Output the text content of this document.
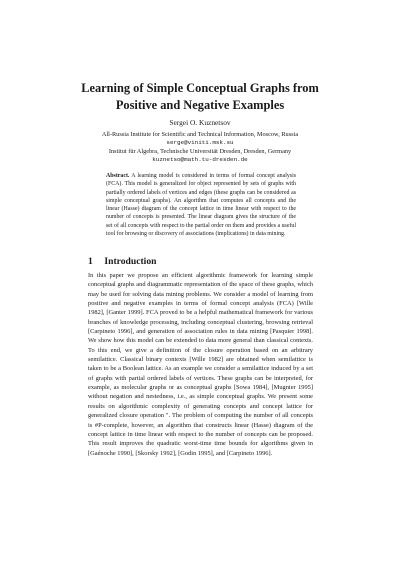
Learning of Simple Conceptual Graphs from
Positive and Negative Examples
Sergei O. Kuznetsov
All-Russia Institute for Scientific and Technical Information, Moscow, Russia
serge@viniti.msk.su
Institut für Algebra, Technische Universität Dresden, Dresden, Germany
kuznetso@math.tu-dresden.de
Abstract. A learning model is considered in terms of formal concept analysis (FCA). This model is generalized for object represented by sets of graphs with partially ordered labels of vertices and edges (these graphs can be considered as simple conceptual graphs). An algorithm that computes all concepts and the linear (Hasse) diagram of the concept lattice in time linear with respect to the number of concepts is presented. The linear diagram gives the structure of the set of all concepts with respect to the partial order on them and provides a useful tool for browsing or discovery of associations (implications) in data mining.
1 Introduction

In this paper we propose an efficient algorithmic framework for learning simple conceptual graphs and diagrammatic representation of the space of these graphs, which may be used for solving data mining problems. We consider a model of learning from positive and negative examples in terms of formal concept analysis (FCA) [Wille 1982], [Ganter 1999]. FCA proved to be a helpful mathematical framework for various branches of knowledge processing, including conceptual clustering, browsing retrieval [Carpineto 1996], and generation of association rules in data mining [Pasquier 1998]. We show how this model can be extended to data more general than classical contexts. To this end, we give a definition of the closure operation based on an arbitrary semilattice. Classical binary contexts [Wille 1982] are obtained when semilattice is taken to be a Boolean lattice. As an example we consider a semilattice induced by a set of graphs with partial ordered labels of vertices. These graphs can be interpreted, for example, as molecular graphs or as conceptual graphs [Sowa 1984], [Mugnier 1995] without negation and nestedness, i.e., as simple conceptual graphs. We present some results on algorithmic complexity of generating concepts and concept lattice for generalized closure operation ". The problem of computing the number of all concepts is #P-complete, however, an algorithm that constructs linear (Hasse) diagram of the concept lattice in time linear with respect to the number of concepts can be proposed. This result improves the quadratic worst-time time bounds for algorithms given in [Gaénoche 1990], [Skorsky 1992], [Godin 1995], and [Carpineto 1996].
